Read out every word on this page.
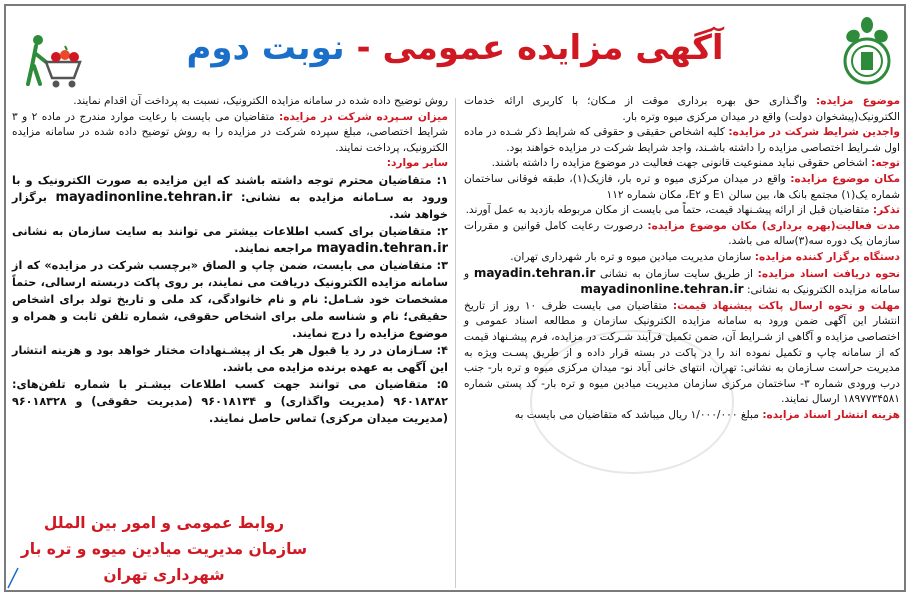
آگهی مزایده عمومی - نوبت دوم

موضوع مزایده: واگـذاری حق بهره برداری موقت از مـکان؛ با کاربری ارائه خدمات الکترونیک(پیشخوان دولت) واقع در میدان مرکزی میوه وتره بار.

واجدین شرایط شرکت در مزایده: کلیه اشخاص حقیقی و حقوقی که شرایط ذکر شـده در ماده اول شـرایط اختصاصی مزایده را داشته باشـند، واجد شرایط شرکت در مزایده خواهند بود.

توجه: اشخاص حقوقی نباید ممنوعیت قانونی جهت فعالیت در موضوع مزایده را داشته باشند.

مکان موضوع مزایده: واقع در میدان مرکزی میوه و تره بار، فازیک(۱)، طبقه فوقانی ساختمان شماره یک(۱) مجتمع بانک ها، بین سالن E۱ و E۲، مکان شماره ۱۱۲

تذکر: متقاضیان قبل از ارائه پیشـنهاد قیمت، حتماً می بایست از مکان مربوطه بازدید به عمل آورند.

مدت فعالیت(بهره برداری) مکان موضوع مزایده: درصورت رعایت کامل قوانین و مقررات سازمان یک دوره سه(۳)ساله می باشد.

دستگاه برگزار کننده مزایده: سازمان مدیریت میادین میوه و تره بار شهرداری تهران.

نحوه دریافت اسناد مزایده: از طریق سایت سازمان به نشانی mayadin.tehran.ir و سامانه مزایده الکترونیک به نشانی: mayadinonline.tehran.ir

مهلت و نحوه ارسال پاکت پیشنهاد قیمت: متقاضیان می بایست ظرف ۱۰ روز از تاریخ انتشار این آگهی ضمن ورود به سامانه مزایده الکترونیک سازمان و مطالعه اسناد عمومی و اختصاصی مزایده و آگاهی از شـرایط آن، ضمن تکمیل فرآیند شـرکت در مزایده، فرم پیشـنهاد قیمت که از سامانه چاپ و تکمیل نموده اند را در پاکت در بسته قرار داده و از طریق پسـت ویژه به مدیریت حراست سـازمان به نشانی: تهران، انتهای خانی آباد نو- میدان مرکزی میوه و تره بار- جنب درب ورودی شماره ۳- ساختمان مرکزی سازمان مدیریت میادین میوه و تره بار- کد پستی شماره ۱۸۹۷۷۳۴۵۸۱ ارسال نمایند.

هزینه انتشار اسناد مزایده: مبلغ ۱/۰۰۰/۰۰۰ ریال میباشد که متقاضیان می بایست به

روش توضیح داده شده در سامانه مزایده الکترونیک، نسبت به پرداخت آن اقدام نمایند.

میزان سـپرده شرکت در مزایده: متقاضیان می بایست با رعایت موارد مندرج در ماده ۲ و ۳ شرایط اختصاصی، مبلغ سپرده شرکت در مزایده را به روش توضیح داده شده در سامانه مزایده الکترونیک، پرداخت نمایند.

سایر موارد:

۱: متقاضیان محترم توجه داشته باشند که این مزایده به صورت الکترونیک و با ورود به سـامانه مزایده به نشانی: mayadinonline.tehran.ir برگزار خواهد شد.

۲: متقاضیان برای کسب اطلاعات بیشتر می توانند به سایت سازمان به نشانی mayadin.tehran.ir مراجعه نمایند.

۳: متقاضیان می بایست، ضمن چاپ و الصاق «برچسب شرکت در مزایده» که از سامانه مزایده الکترونیک دریافت می نمایند، بر روی پاکت دربسته ارسالی، حتماً مشخصات خود شـامل: نام و نام خانوادگی، کد ملی و تاریخ تولد برای اشخاص حقیقی؛ نام و شناسه ملی برای اشخاص حقوقی، شماره تلفن ثابت و همراه و موضوع مزایده را درج نمایند.

۴: سـازمان در رد یا قبول هر یک از پیشـنهادات مختار خواهد بود و هزینه انتشار این آگهی به عهده برنده مزایده می باشد.

۵: متقاضیان می توانند جهت کسب اطلاعات بیشـتر با شماره تلفن‌های: ۹۶۰۱۸۳۸۲ (مدیریت واگذاری) و ۹۶۰۱۸۱۳۴ (مدیریت حقوقی) و ۹۶۰۱۸۳۲۸ (مدیریت میدان مرکزی) تماس حاصل نمایند.

روابط عمومی و امور بین الملل
سازمان مدیریت میادین میوه و تره بار شهرداری تهران
